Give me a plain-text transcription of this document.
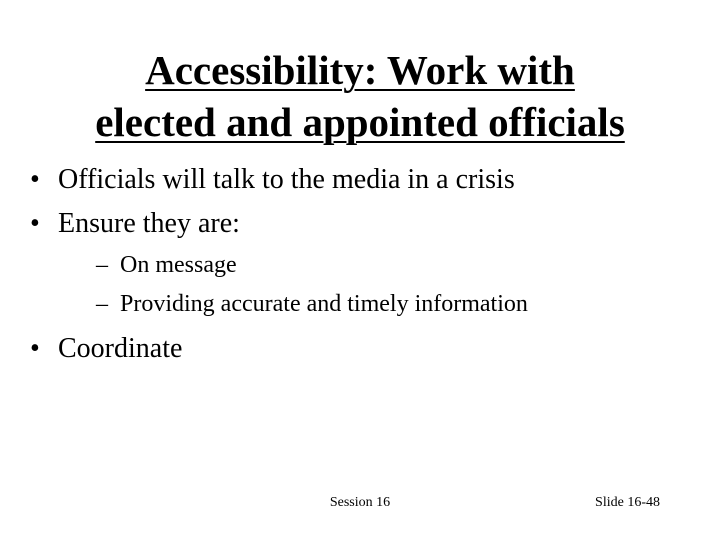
Accessibility: Work with
elected and appointed officials
• Officials will talk to the media in a crisis
• Ensure they are:
– On message
– Providing accurate and timely information
• Coordinate
Session 16	Slide 16-48
